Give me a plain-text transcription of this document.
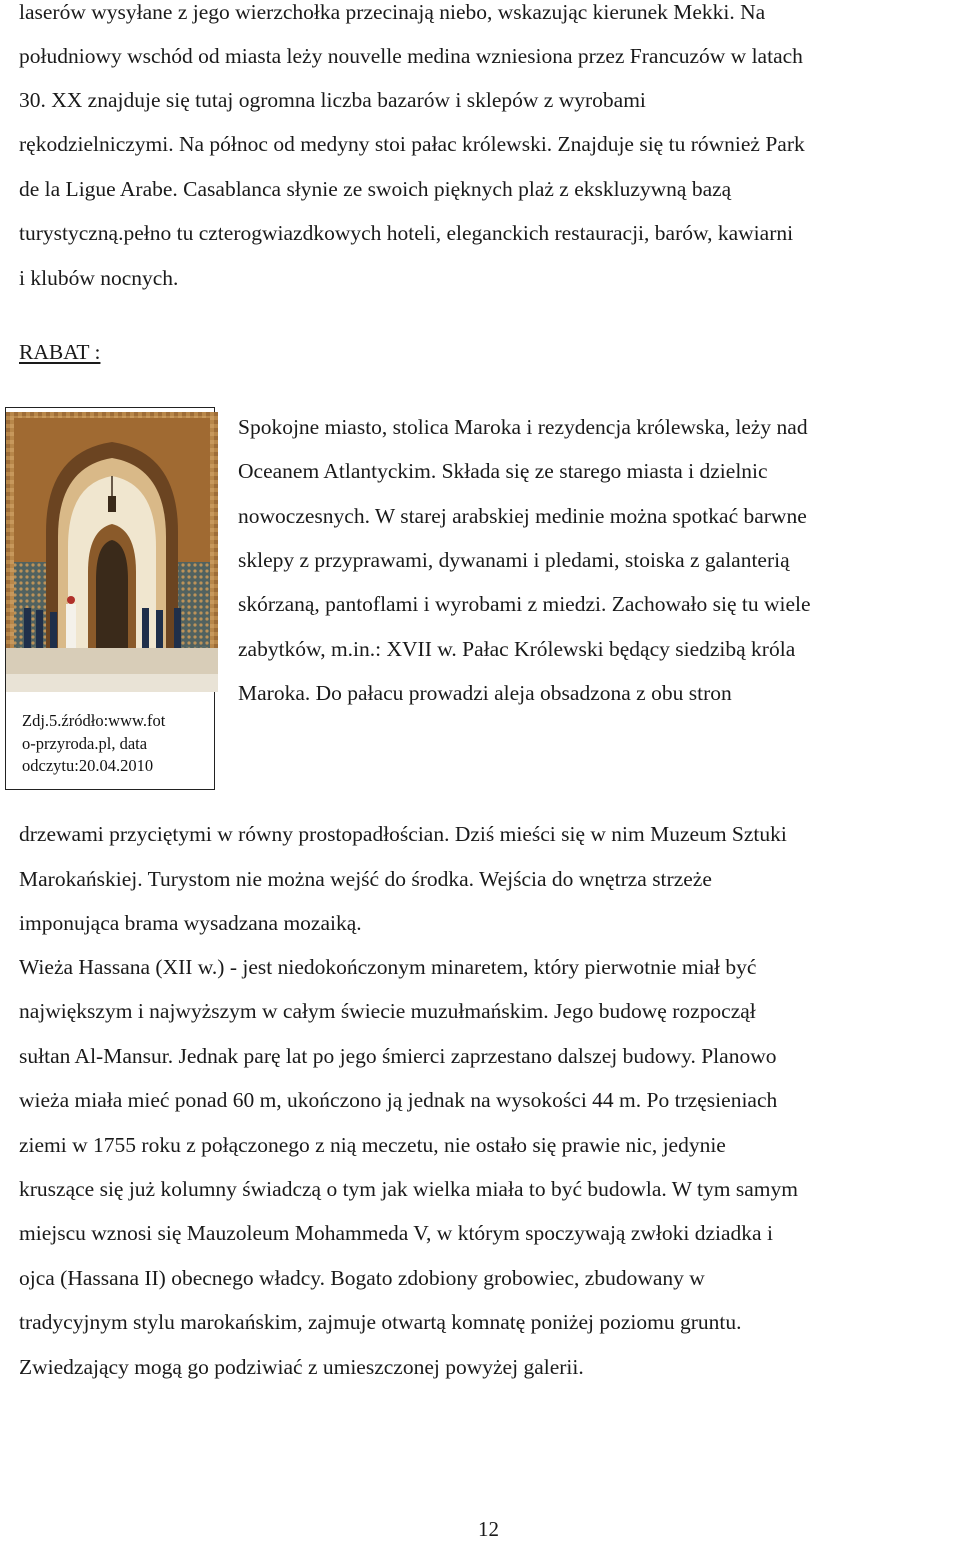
laserów wysyłane z jego wierzchołka przecinają niebo, wskazując kierunek Mekki. Na
południowy wschód od miasta leży nouvelle medina wzniesiona przez Francuzów w latach
30. XX znajduje się tutaj ogromna liczba bazarów i sklepów z wyrobami
rękodzielniczymi. Na północ od medyny stoi pałac królewski. Znajduje się tu również Park
de la Ligue Arabe. Casablanca słynie ze swoich pięknych plaż z ekskluzywną bazą
turystyczną.pełno tu czterogwiazdkowych hoteli, eleganckich restauracji, barów, kawiarni
i klubów nocnych.
RABAT :
Zdj.5.źródło:www.fot
o-przyroda.pl, data
odczytu:20.04.2010
Spokojne miasto, stolica Maroka i rezydencja królewska, leży nad
Oceanem Atlantyckim. Składa się ze starego miasta i dzielnic
nowoczesnych. W starej arabskiej medinie można spotkać barwne
sklepy z przyprawami, dywanami i pledami, stoiska z galanterią
skórzaną, pantoflami i wyrobami z miedzi. Zachowało się tu wiele
zabytków, m.in.: XVII w. Pałac Królewski będący siedzibą króla
Maroka. Do pałacu prowadzi aleja obsadzona z obu stron
drzewami przyciętymi w równy prostopadłościan. Dziś mieści się w nim Muzeum Sztuki
Marokańskiej. Turystom nie można wejść do środka. Wejścia do wnętrza strzeże
imponująca brama wysadzana mozaiką.
Wieża Hassana (XII w.) - jest niedokończonym minaretem, który pierwotnie miał być
największym i najwyższym w całym świecie muzułmańskim. Jego budowę rozpoczął
sułtan Al-Mansur. Jednak parę lat po jego śmierci zaprzestano dalszej budowy. Planowo
wieża miała mieć ponad 60 m, ukończono ją jednak na wysokości 44 m. Po trzęsieniach
ziemi w 1755 roku z połączonego z nią meczetu, nie ostało się prawie nic, jedynie
kruszące się już kolumny świadczą o tym jak wielka miała to być budowla. W tym samym
miejscu wznosi się Mauzoleum Mohammeda V, w którym spoczywają zwłoki dziadka i
ojca (Hassana II) obecnego władcy. Bogato zdobiony grobowiec, zbudowany w
tradycyjnym stylu marokańskim, zajmuje otwartą komnatę poniżej poziomu gruntu.
Zwiedzający mogą go podziwiać z umieszczonej powyżej galerii.
12
